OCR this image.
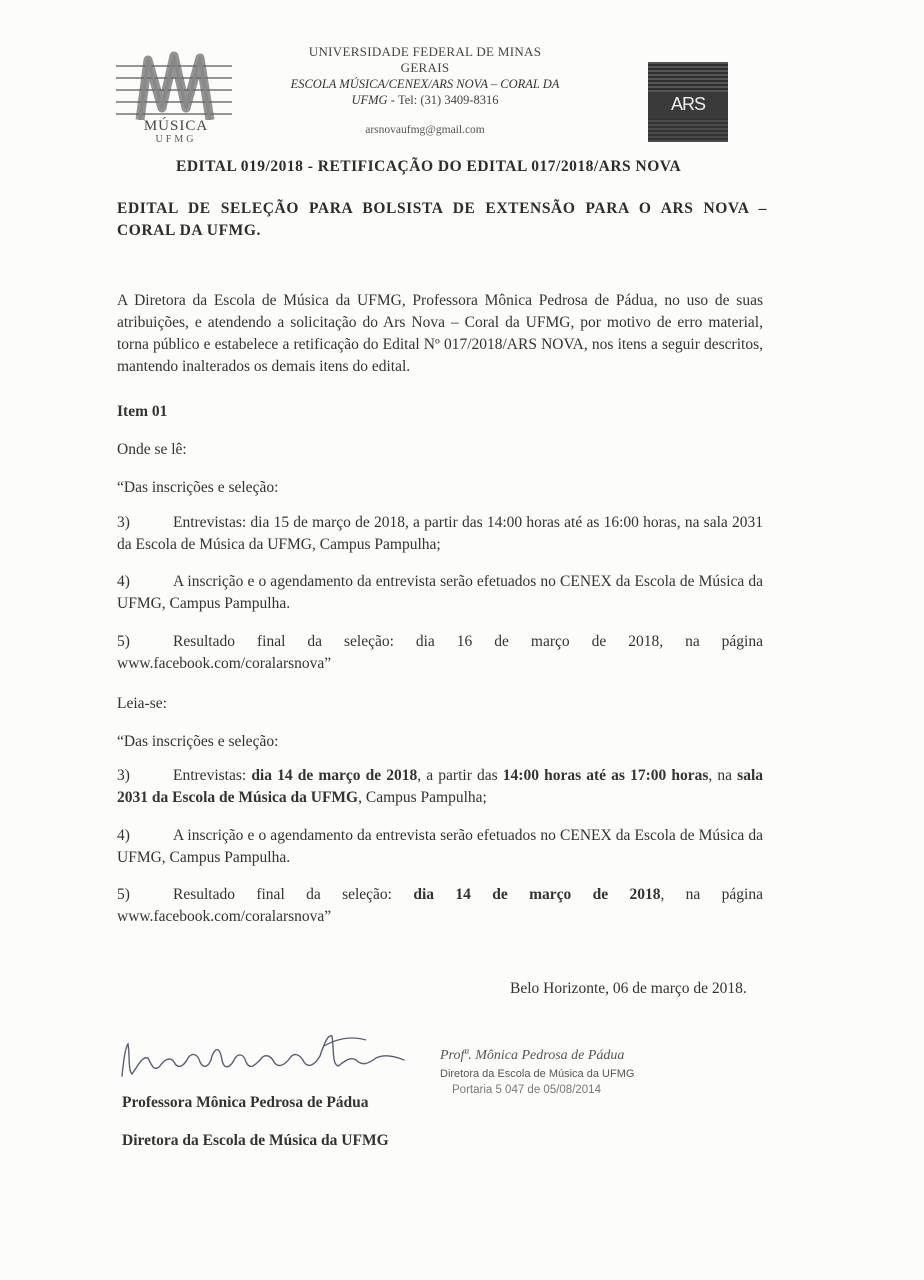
MÚSICA
UFMG
UNIVERSIDADE FEDERAL DE MINAS GERAIS
ESCOLA MÚSICA/CENEX/ARS NOVA – CORAL DA UFMG - Tel: (31) 3409-8316
arsnovaufmg@gmail.com
ARS
EDITAL 019/2018 - RETIFICAÇÃO DO EDITAL 017/2018/ARS NOVA
EDITAL DE SELEÇÃO PARA BOLSISTA DE EXTENSÃO PARA O ARS NOVA – CORAL DA UFMG.
A Diretora da Escola de Música da UFMG, Professora Mônica Pedrosa de Pádua, no uso de suas atribuições, e atendendo a solicitação do Ars Nova – Coral da UFMG, por motivo de erro material, torna público e estabelece a retificação do Edital Nº 017/2018/ARS NOVA, nos itens a seguir descritos, mantendo inalterados os demais itens do edital.
Item 01
Onde se lê:
“Das inscrições e seleção:
3)	Entrevistas: dia 15 de março de 2018, a partir das 14:00 horas até as 16:00 horas, na sala 2031 da Escola de Música da UFMG, Campus Pampulha;
4)	A inscrição e o agendamento da entrevista serão efetuados no CENEX da Escola de Música da UFMG, Campus Pampulha.
5)	Resultado final da seleção: dia 16 de março de 2018, na página www.facebook.com/coralarsnova”
Leia-se:
“Das inscrições e seleção:
3)	Entrevistas: dia 14 de março de 2018, a partir das 14:00 horas até as 17:00 horas, na sala 2031 da Escola de Música da UFMG, Campus Pampulha;
4)	A inscrição e o agendamento da entrevista serão efetuados no CENEX da Escola de Música da UFMG, Campus Pampulha.
5)	Resultado final da seleção: dia 14 de março de 2018, na página www.facebook.com/coralarsnova”
Belo Horizonte, 06 de março de 2018.
Professora Mônica Pedrosa de Pádua
Diretora da Escola de Música da UFMG
Profª. Mônica Pedrosa de Pádua
Diretora da Escola de Música da UFMG
Portaria 5 047 de 05/08/2014
